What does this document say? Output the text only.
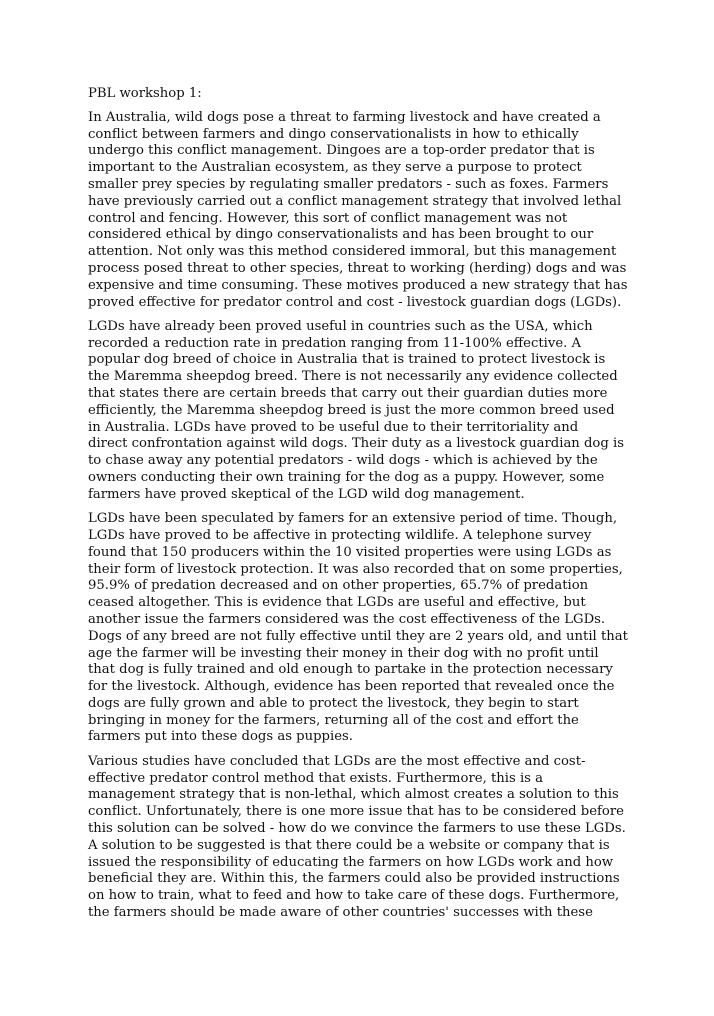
PBL workshop 1:

In Australia, wild dogs pose a threat to farming livestock and have created a
conflict between farmers and dingo conservationalists in how to ethically
undergo this conflict management. Dingoes are a top-order predator that is
important to the Australian ecosystem, as they serve a purpose to protect
smaller prey species by regulating smaller predators - such as foxes. Farmers
have previously carried out a conflict management strategy that involved lethal
control and fencing. However, this sort of conflict management was not
considered ethical by dingo conservationalists and has been brought to our
attention. Not only was this method considered immoral, but this management
process posed threat to other species, threat to working (herding) dogs and was
expensive and time consuming. These motives produced a new strategy that has
proved effective for predator control and cost - livestock guardian dogs (LGDs).

LGDs have already been proved useful in countries such as the USA, which
recorded a reduction rate in predation ranging from 11-100% effective. A
popular dog breed of choice in Australia that is trained to protect livestock is
the Maremma sheepdog breed. There is not necessarily any evidence collected
that states there are certain breeds that carry out their guardian duties more
efficiently, the Maremma sheepdog breed is just the more common breed used
in Australia. LGDs have proved to be useful due to their territoriality and
direct confrontation against wild dogs. Their duty as a livestock guardian dog is
to chase away any potential predators - wild dogs - which is achieved by the
owners conducting their own training for the dog as a puppy. However, some
farmers have proved skeptical of the LGD wild dog management.

LGDs have been speculated by famers for an extensive period of time. Though,
LGDs have proved to be affective in protecting wildlife. A telephone survey
found that 150 producers within the 10 visited properties were using LGDs as
their form of livestock protection. It was also recorded that on some properties,
95.9% of predation decreased and on other properties, 65.7% of predation
ceased altogether. This is evidence that LGDs are useful and effective, but
another issue the farmers considered was the cost effectiveness of the LGDs.
Dogs of any breed are not fully effective until they are 2 years old, and until that
age the farmer will be investing their money in their dog with no profit until
that dog is fully trained and old enough to partake in the protection necessary
for the livestock. Although, evidence has been reported that revealed once the
dogs are fully grown and able to protect the livestock, they begin to start
bringing in money for the farmers, returning all of the cost and effort the
farmers put into these dogs as puppies.

Various studies have concluded that LGDs are the most effective and cost-
effective predator control method that exists. Furthermore, this is a
management strategy that is non-lethal, which almost creates a solution to this
conflict. Unfortunately, there is one more issue that has to be considered before
this solution can be solved - how do we convince the farmers to use these LGDs.
A solution to be suggested is that there could be a website or company that is
issued the responsibility of educating the farmers on how LGDs work and how
beneficial they are. Within this, the farmers could also be provided instructions
on how to train, what to feed and how to take care of these dogs. Furthermore,
the farmers should be made aware of other countries' successes with these
